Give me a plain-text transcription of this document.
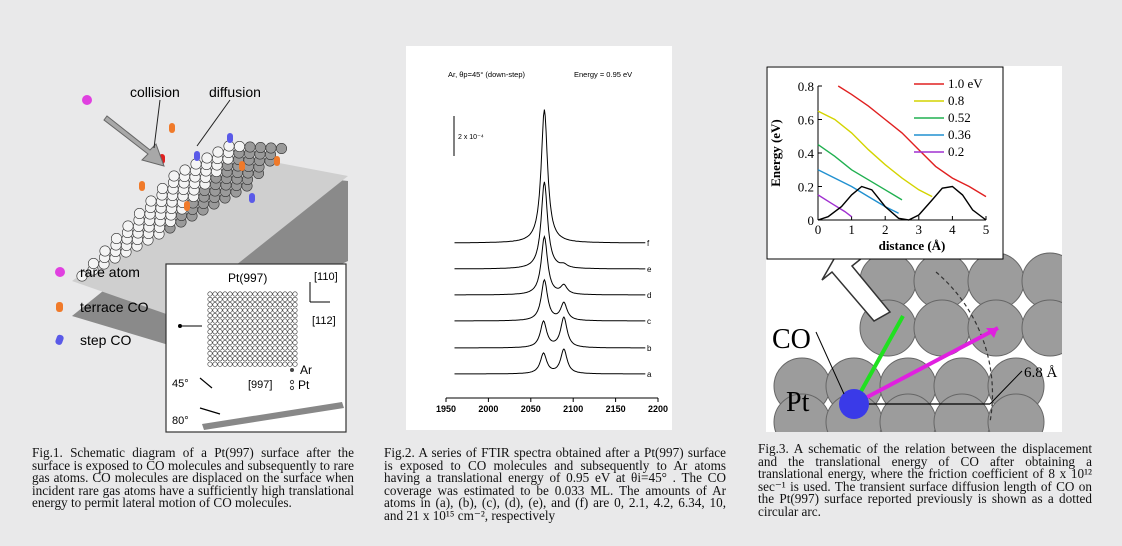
collision diffusion
rare atom
terrace CO
step CO
Pt(997)	[110]
[112]
Ar
Pt
[997]
45°
80°
Fig.1. Schematic diagram of a Pt(997) surface after the surface is exposed to CO molecules and subsequently to rare gas atoms. CO molecules are displaced on the surface when incident rare gas atoms have a sufficiently high translational energy to permit lateral motion of CO molecules.
Ar, θp=45° (down-step)	Energy = 0.95 eV
2 x 10⁻⁴
a
b
c
d
e
f
1950 2000 2050 2100 2150 2200
Fig.2. A series of FTIR spectra obtained after a Pt(997) surface is exposed to CO molecules and subsequently to Ar atoms having a translational energy of 0.95 eV at θi=45° . The CO coverage was estimated to be 0.033 ML. The amounts of Ar atoms in (a), (b), (c), (d), (e), and (f) are 0, 2.1, 4.2, 6.34, 10, and 21 x 10¹⁵ cm⁻², respectively
6.8 Å
CO
Pt
0 1 2 3 4 5
0
0.2
0.4
0.6
0.8
Energy (eV)
distance (Å)
1.0 eV
0.8
0.52
0.36
0.2
Fig.3. A schematic of the relation between the displacement and the translational energy of CO after obtaining a translational energy, where the friction coefficient of 8 x 10¹² sec⁻¹ is used. The transient surface diffusion length of CO on the Pt(997) surface reported previously is shown as a dotted circular arc.
